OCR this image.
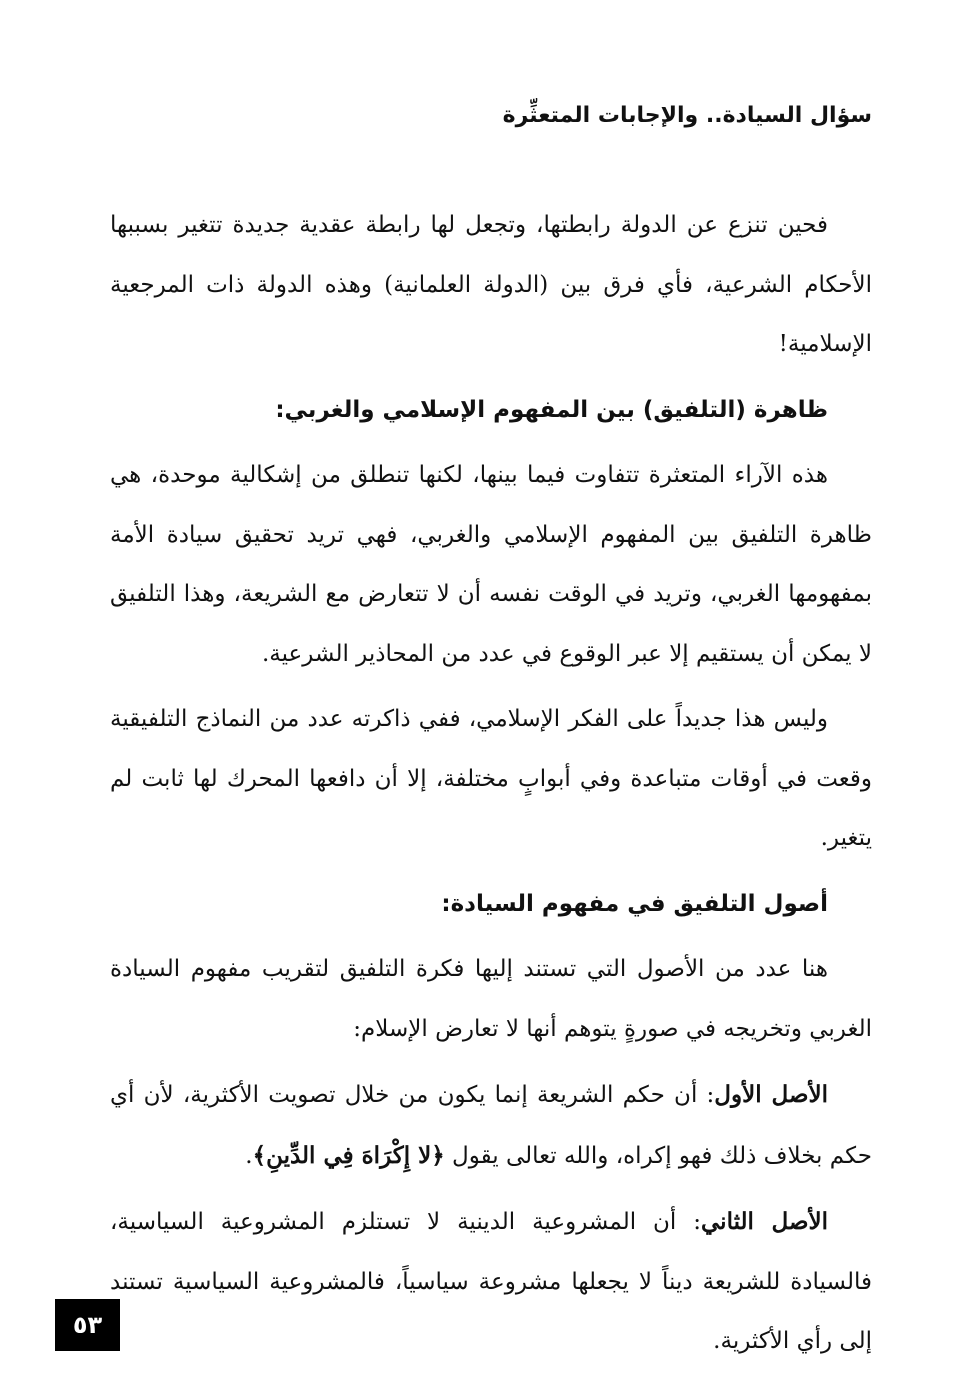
سؤال السيادة.. والإجابات المتعثِّرة

فحين تنزع عن الدولة رابطتها، وتجعل لها رابطة عقدية جديدة تتغير بسببها الأحكام الشرعية، فأي فرق بين (الدولة العلمانية) وهذه الدولة ذات المرجعية الإسلامية!

ظاهرة (التلفيق) بين المفهوم الإسلامي والغربي:

هذه الآراء المتعثرة تتفاوت فيما بينها، لكنها تنطلق من إشكالية موحدة، هي ظاهرة التلفيق بين المفهوم الإسلامي والغربي، فهي تريد تحقيق سيادة الأمة بمفهومها الغربي، وتريد في الوقت نفسه أن لا تتعارض مع الشريعة، وهذا التلفيق لا يمكن أن يستقيم إلا عبر الوقوع في عدد من المحاذير الشرعية.

وليس هذا جديداً على الفكر الإسلامي، ففي ذاكرته عدد من النماذج التلفيقية وقعت في أوقات متباعدة وفي أبوابٍ مختلفة، إلا أن دافعها المحرك لها ثابت لم يتغير.

أصول التلفيق في مفهوم السيادة:

هنا عدد من الأصول التي تستند إليها فكرة التلفيق لتقريب مفهوم السيادة الغربي وتخريجه في صورةٍ يتوهم أنها لا تعارض الإسلام:

الأصل الأول: أن حكم الشريعة إنما يكون من خلال تصويت الأكثرية، لأن أي حكم بخلاف ذلك فهو إكراه، والله تعالى يقول ﴿لا إِكْرَاهَ فِي الدِّينِ﴾.

الأصل الثاني: أن المشروعية الدينية لا تستلزم المشروعية السياسية، فالسيادة للشريعة ديناً لا يجعلها مشروعة سياسياً، فالمشروعية السياسية تستند إلى رأي الأكثرية.

٥٣
